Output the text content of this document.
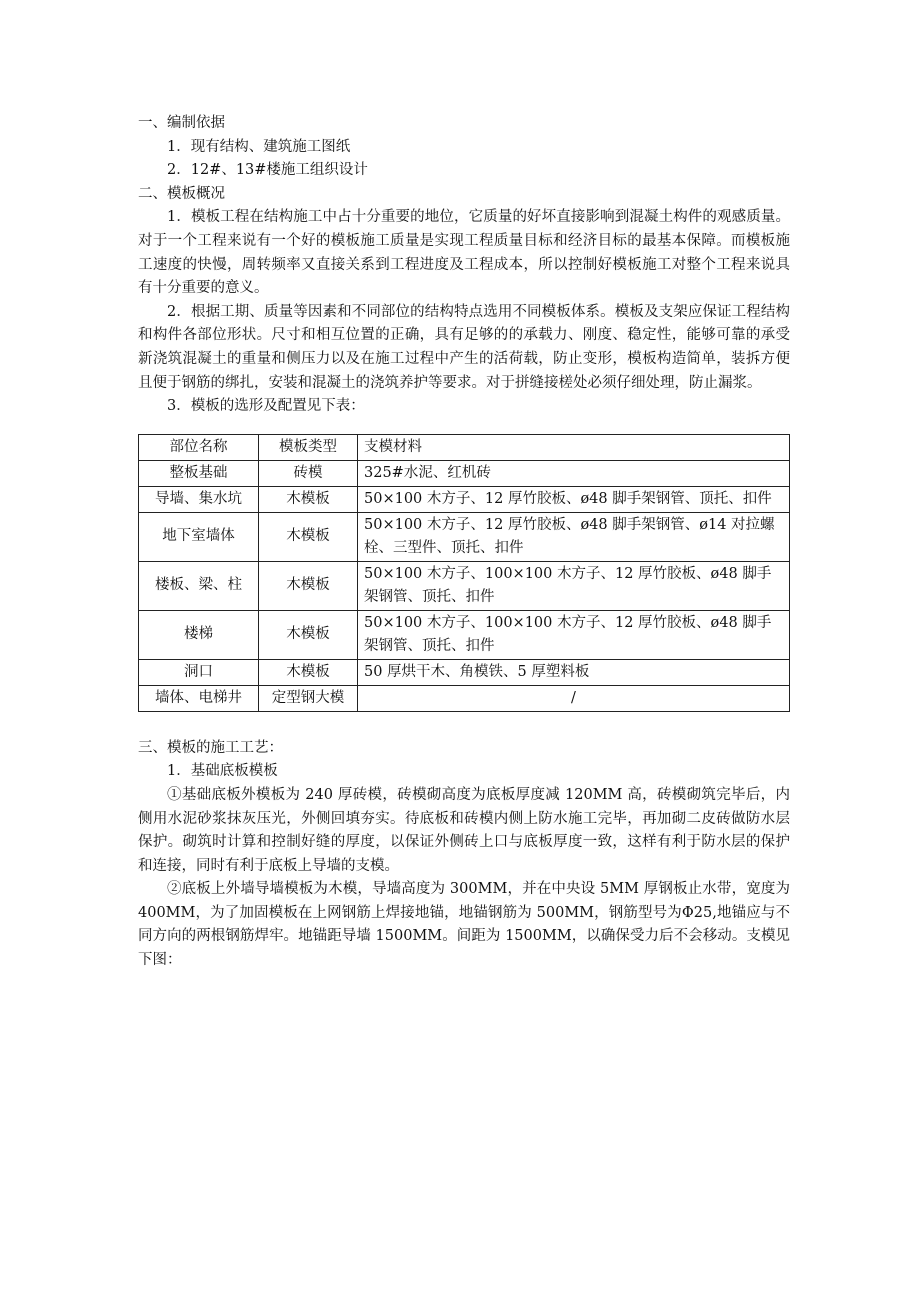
一、编制依据

1．现有结构、建筑施工图纸

2．12#、13#楼施工组织设计

二、模板概况

1．模板工程在结构施工中占十分重要的地位，它质量的好坏直接影响到混凝土构件的观感质量。对于一个工程来说有一个好的模板施工质量是实现工程质量目标和经济目标的最基本保障。而模板施工速度的快慢，周转频率又直接关系到工程进度及工程成本，所以控制好模板施工对整个工程来说具有十分重要的意义。

2．根据工期、质量等因素和不同部位的结构特点选用不同模板体系。模板及支架应保证工程结构和构件各部位形状。尺寸和相互位置的正确，具有足够的的承载力、刚度、稳定性，能够可靠的承受新浇筑混凝土的重量和侧压力以及在施工过程中产生的活荷载，防止变形，模板构造简单，装拆方便且便于钢筋的绑扎，安装和混凝土的浇筑养护等要求。对于拼缝接槎处必须仔细处理，防止漏浆。

3．模板的选形及配置见下表：

部位名称	模板类型	支模材料
整板基础	砖模	325#水泥、红机砖
导墙、集水坑	木模板	50×100 木方子、12 厚竹胶板、ø48 脚手架钢管、顶托、扣件
地下室墙体	木模板	50×100 木方子、12 厚竹胶板、ø48 脚手架钢管、ø14 对拉螺栓、三型件、顶托、扣件
楼板、梁、柱	木模板	50×100 木方子、100×100 木方子、12 厚竹胶板、ø48 脚手架钢管、顶托、扣件
楼梯	木模板	50×100 木方子、100×100 木方子、12 厚竹胶板、ø48 脚手架钢管、顶托、扣件
洞口	木模板	50 厚烘干木、角模铁、5 厚塑料板
墙体、电梯井	定型钢大模	/

三、模板的施工工艺：

1．基础底板模板

①基础底板外模板为 240 厚砖模，砖模砌高度为底板厚度减 120MM 高，砖模砌筑完毕后，内侧用水泥砂浆抹灰压光，外侧回填夯实。待底板和砖模内侧上防水施工完毕，再加砌二皮砖做防水层保护。砌筑时计算和控制好缝的厚度，以保证外侧砖上口与底板厚度一致，这样有利于防水层的保护和连接，同时有利于底板上导墙的支模。

②底板上外墙导墙模板为木模，导墙高度为 300MM，并在中央设 5MM 厚钢板止水带，宽度为 400MM，为了加固模板在上网钢筋上焊接地锚，地锚钢筋为 500MM，钢筋型号为Φ25,地锚应与不同方向的两根钢筋焊牢。地锚距导墙 1500MM。间距为 1500MM，以确保受力后不会移动。支模见下图：
